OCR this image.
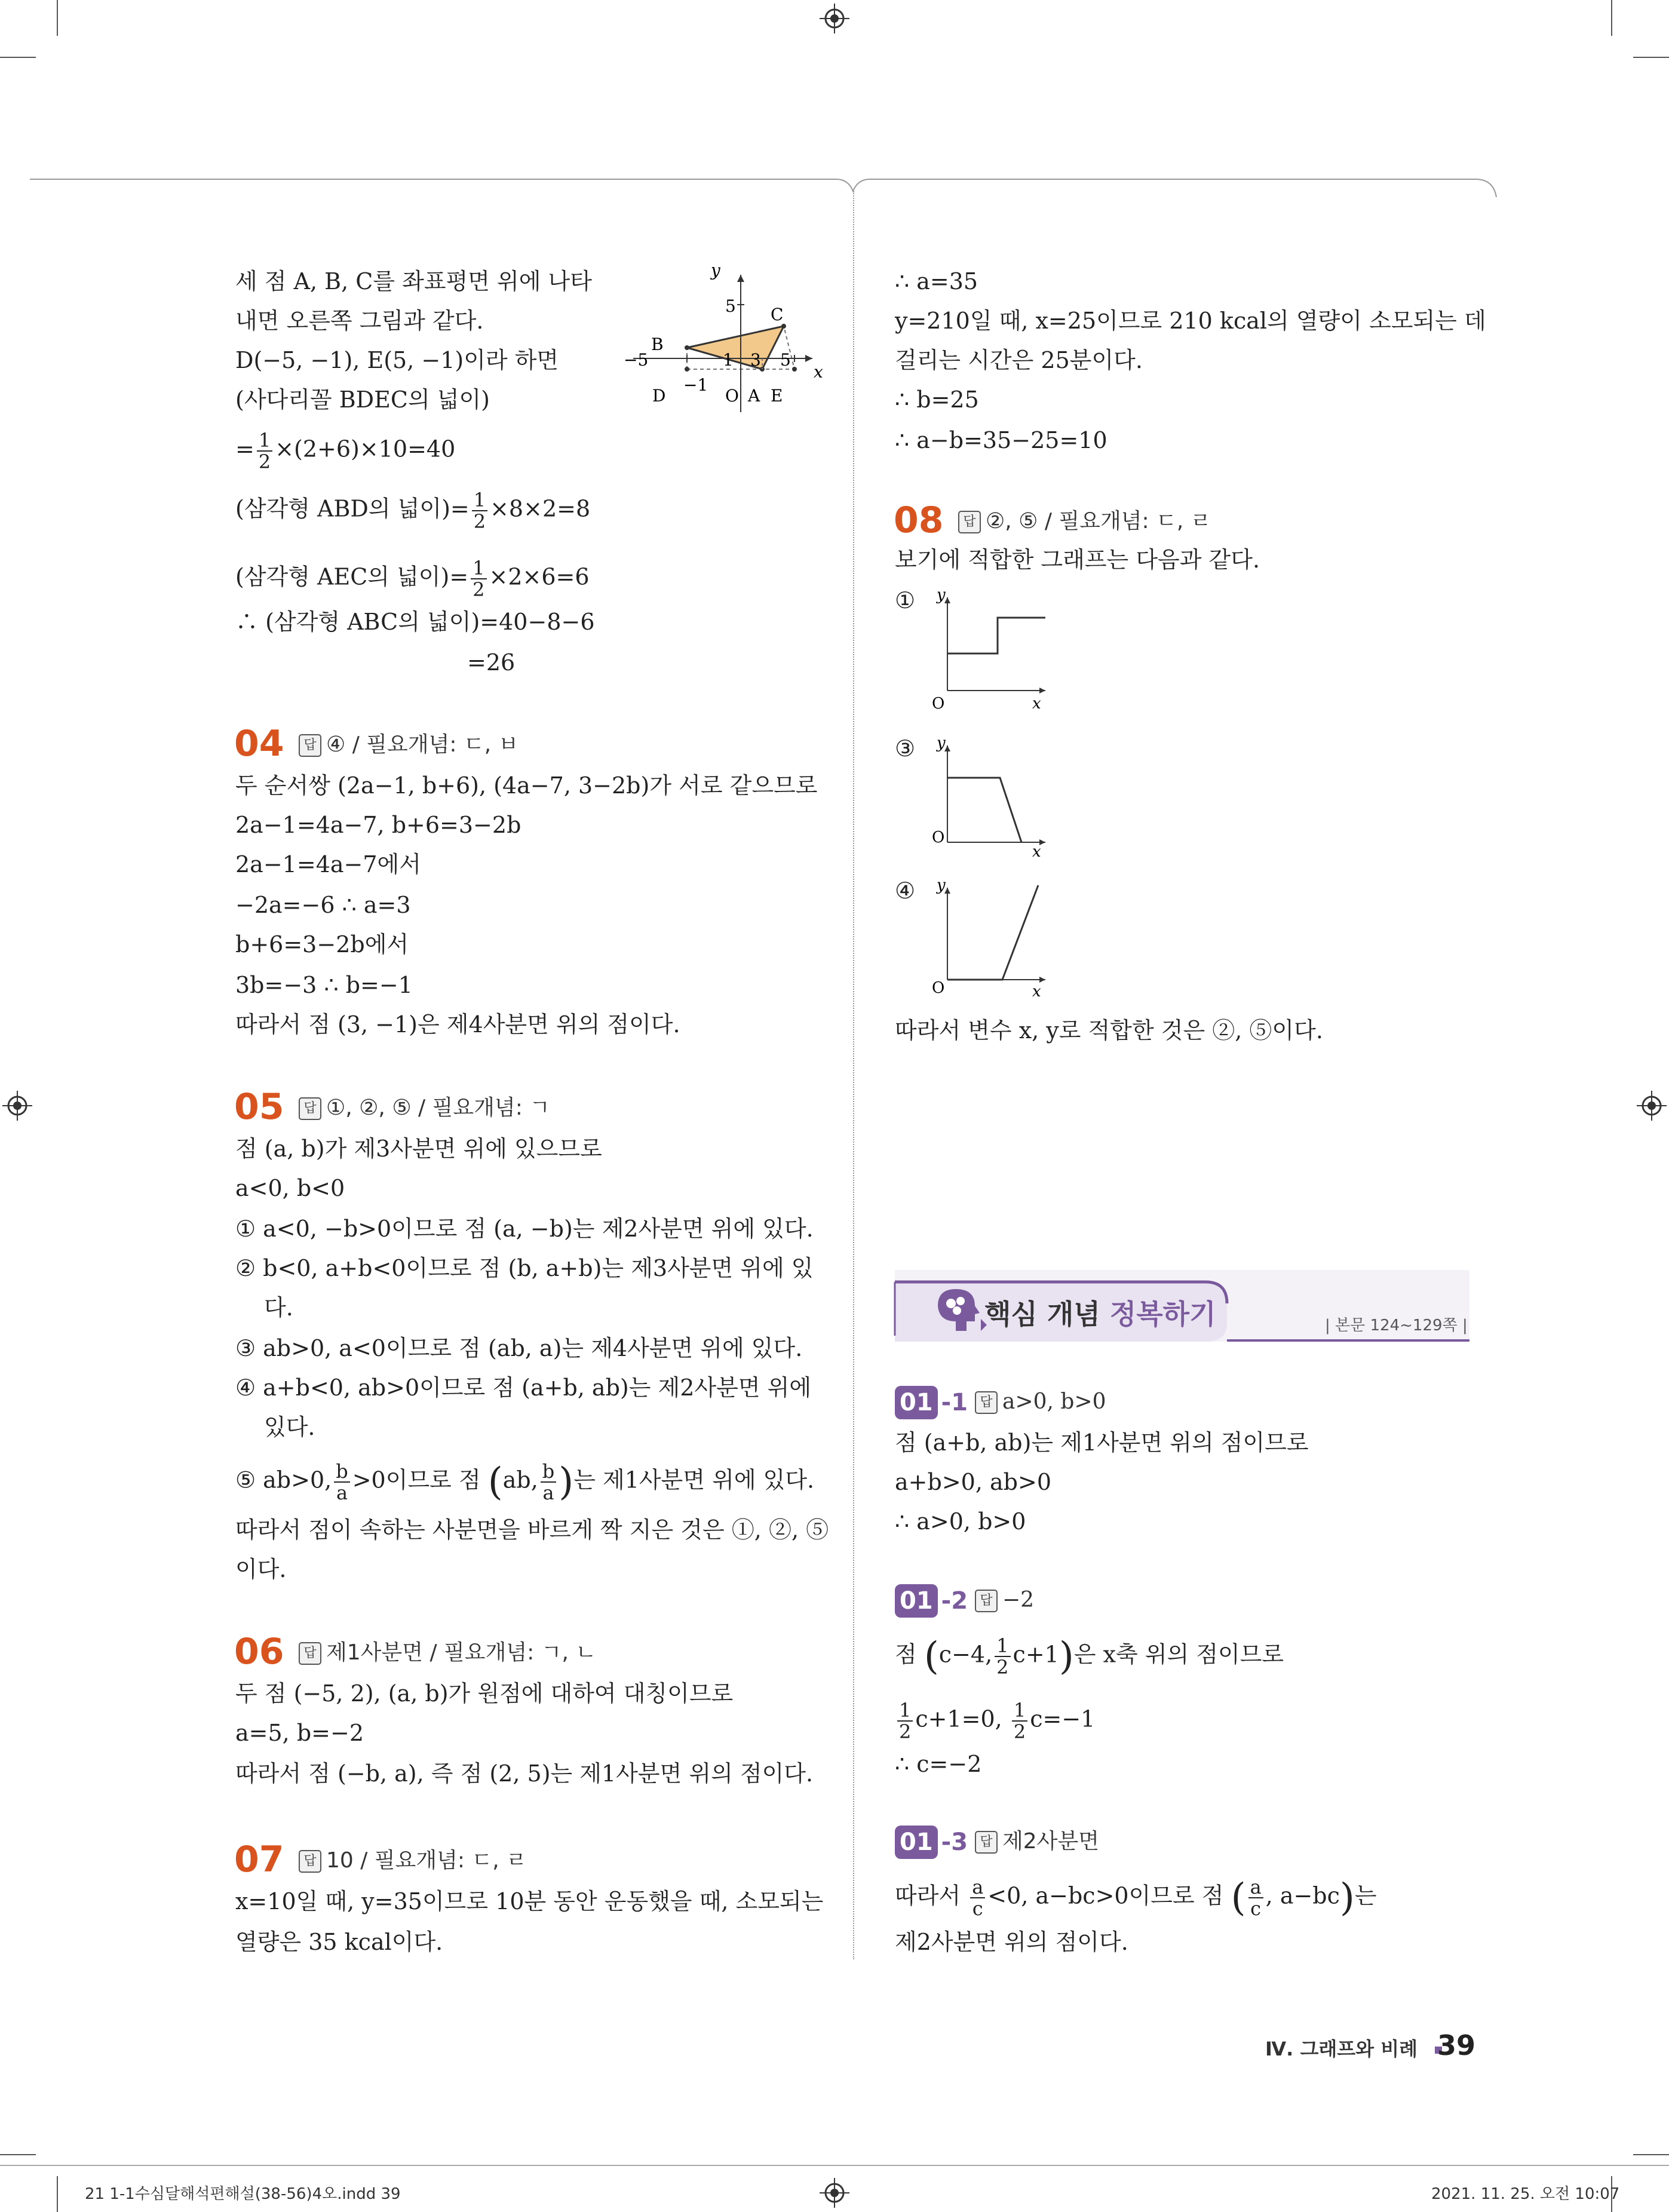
세 점 A, B, C를 좌표평면 위에 나타
내면 오른쪽 그림과 같다.
D(−5, −1), E(5, −1)이라 하면
(사다리꼴 BDEC의 넓이)
= $\frac{1}{2} \times(2+6)\times 10=40$
(삼각형 ABD의 넓이)= $\frac{1}{2} \times 8\times 2=8$
(삼각형 AEC의 넓이)= $\frac{1}{2} \times 2\times 6=6$
∴ (삼각형 ABC의 넓이)=40−8−6
=26
y
x
5
−5	1 3 5
−1
O A
B
C
D	E
04	답 ④ / 필요개념: ㄷ, ㅂ
두 순서쌍 (2a−1, b+6), (4a−7, 3−2b)가 서로 같으므로
2a−1=4a−7, b+6=3−2b
2a−1=4a−7에서
−2a=−6 ∴ a=3
b+6=3−2b에서
3b=−3 ∴ b=−1
따라서 점 (3, −1)은 제4사분면 위의 점이다.
05	답 ①, ②, ⑤ / 필요개념: ㄱ
점 (a, b)가 제3사분면 위에 있으므로
a<0, b<0
① a<0, −b>0이므로 점 (a, −b)는 제2사분면 위에 있다.
② b<0, a+b<0이므로 점 (b, a+b)는 제3사분면 위에 있
다.
③ ab>0, a<0이므로 점 (ab, a)는 제4사분면 위에 있다.
④ a+b<0, ab>0이므로 점 (a+b, ab)는 제2사분면 위에
있다.
⑤ ab>0, $\frac{b}{a} >0$이므로 점 (ab, $\frac{b}{a}$ )는 제1사분면 위에 있다.
따라서 점이 속하는 사분면을 바르게 짝 지은 것은 ①, ②, ⑤
이다.
06	답 제1사분면 / 필요개념: ㄱ, ㄴ
두 점 (−5, 2), (a, b)가 원점에 대하여 대칭이므로
a=5, b=−2
따라서 점 (−b, a), 즉 점 (2, 5)는 제1사분면 위의 점이다.
07	답 10 / 필요개념: ㄷ, ㄹ
x=10일 때, y=35이므로 10분 동안 운동했을 때, 소모되는
열량은 35 kcal이다.
∴ a=35
y=210일 때, x=25이므로 210 kcal의 열량이 소모되는 데
걸리는 시간은 25분이다.
∴ b=25
∴ a−b=35−25=10
08	답 ②, ⑤ / 필요개념: ㄷ, ㄹ
보기에 적합한 그래프는 다음과 같다.
① y
O	x
③ y
O
x
④ y
O	x
따라서 변수 x, y로 적합한 것은 ②, ⑤이다.
핵심 개념 정복하기	| 본문 124~129쪽 |
01 -1 답 a>0, b>0
점 (a+b, ab)는 제1사분면 위의 점이므로
a+b>0, ab>0
∴ a>0, b>0
01 -2 답 −2
점 (c−4, $\frac{1}{2} c+1$)은 x축 위의 점이므로
$\frac{1}{2} c+1=0$, $\frac{1}{2} c=-1$
∴ c=−2
01 -3 답 제2사분면
따라서 $\frac{a}{c} <0$, a−bc>0이므로 점 ( $\frac{a}{c}$ , a−bc)는
제2사분면 위의 점이다.
Ⅳ. 그래프와 비례 39
21 1-1수심달해석편해설(38-56)4오.indd 39	2021. 11. 25. 오전 10:07
